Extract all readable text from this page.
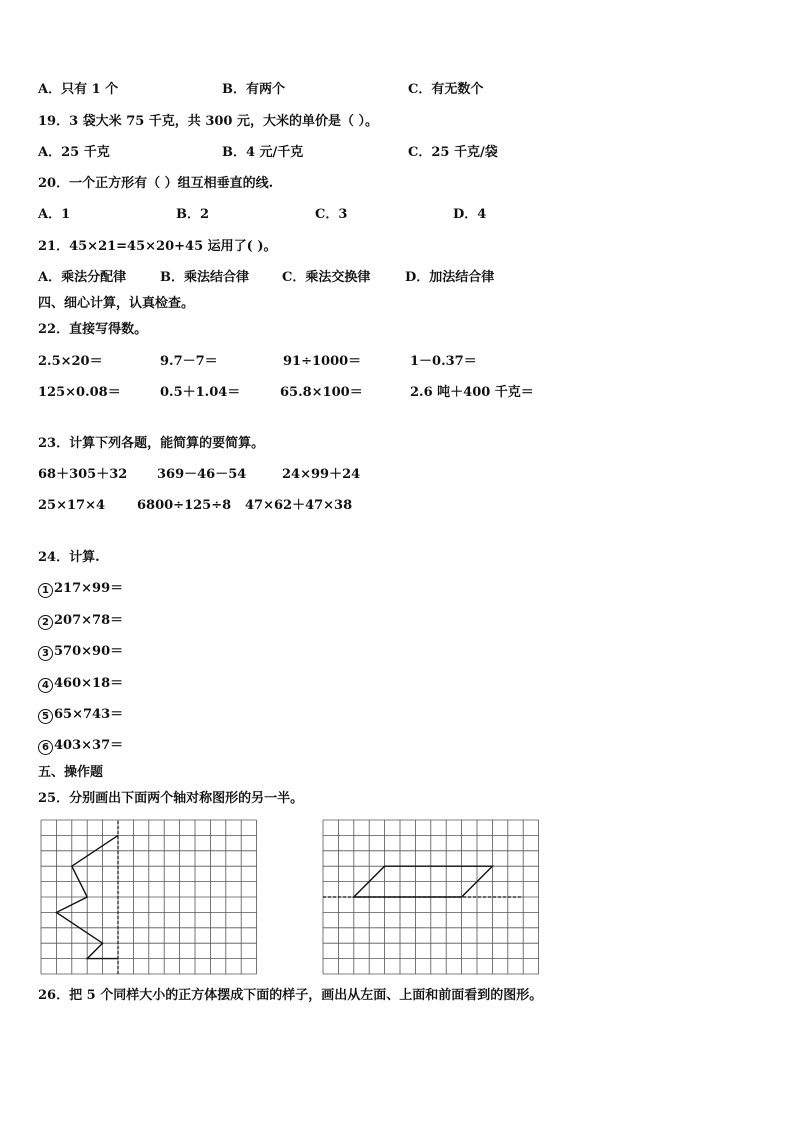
A．只有 1 个	B．有两个	C．有无数个
19．3 袋大米 75 千克，共 300 元，大米的单价是（ ）。
A．25 千克	B．4 元/千克	C．25 千克/袋
20．一个正方形有（ ）组互相垂直的线.
A．1	B．2	C．3	D．4
21．45×21=45×20+45 运用了( )。
A．乘法分配律	B．乘法结合律	C．乘法交换律	D．加法结合律
四、细心计算，认真检查。
22．直接写得数。
2.5×20＝	9.7－7＝	91÷1000＝	1－0.37＝
125×0.08＝	0.5＋1.04＝	65.8×100＝	2.6 吨＋400 千克＝
23．计算下列各题，能简算的要简算。
68＋305＋32 369－46－54	24×99＋24
25×17×4 6800÷125÷8 47×62＋47×38
24．计算.
1 217×99＝
2 207×78＝
3 570×90＝
4 460×18＝
5 65×743＝
6 403×37＝
五、操作题
25．分别画出下面两个轴对称图形的另一半。
26．把 5 个同样大小的正方体摆成下面的样子，画出从左面、上面和前面看到的图形。
